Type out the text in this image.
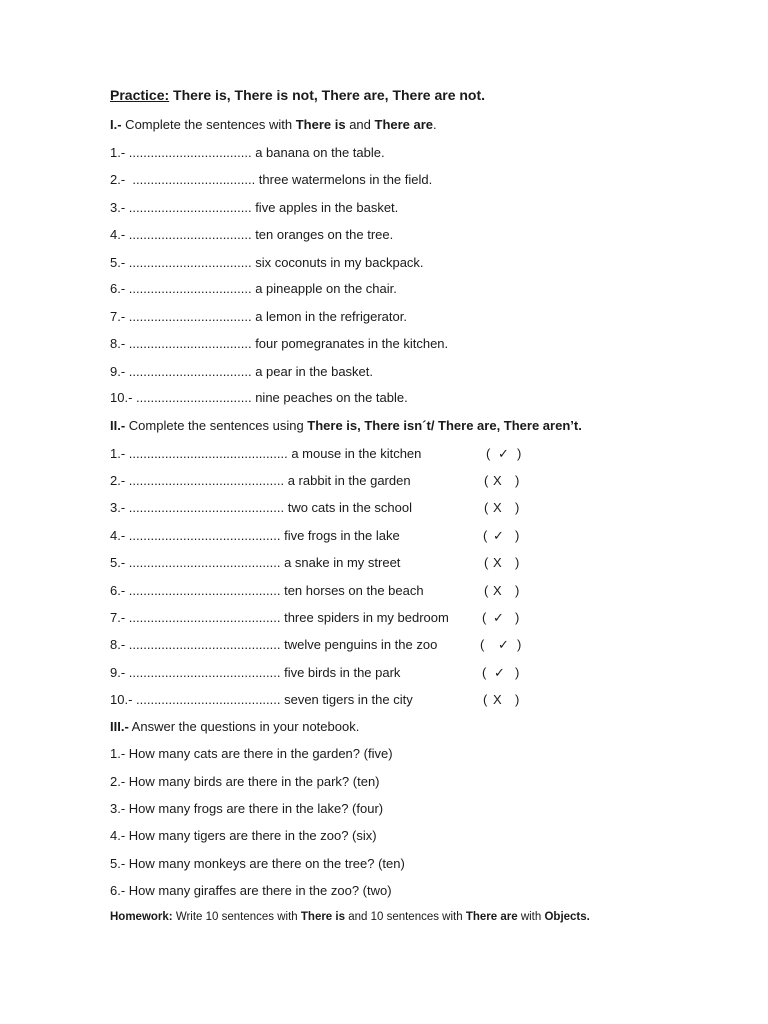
Practice: There is, There is not, There are, There are not.
I.- Complete the sentences with There is and There are.
1.- .................................. a banana on the table.
2.-  .................................. three watermelons in the field.
3.- .................................. five apples in the basket.
4.- .................................. ten oranges on the tree.
5.- .................................. six coconuts in my backpack.
6.- .................................. a pineapple on the chair.
7.- .................................. a lemon in the refrigerator.
8.- .................................. four pomegranates in the kitchen.
9.- .................................. a pear in the basket.
10.- ................................ nine peaches on the table.
II.- Complete the sentences using There is, There isn´t/ There are, There aren’t.
1.- ............................................ a mouse in the kitchen
2.- ........................................... a rabbit in the garden
3.- ........................................... two cats in the school
4.- .......................................... five frogs in the lake
5.- .......................................... a snake in my street
6.- .......................................... ten horses on the beach
7.- .......................................... three spiders in my bedroom
8.- .......................................... twelve penguins in the zoo
9.- .......................................... five birds in the park
10.- ........................................ seven tigers in the city
( ✓ )
( X )
( X )
( ✓ )
( X )
( X )
( ✓ )
( ✓ )
( ✓ )
( X )
III.- Answer the questions in your notebook.
1.- How many cats are there in the garden? (five)
2.- How many birds are there in the park? (ten)
3.- How many frogs are there in the lake? (four)
4.- How many tigers are there in the zoo? (six)
5.- How many monkeys are there on the tree? (ten)
6.- How many giraffes are there in the zoo? (two)
Homework: Write 10 sentences with There is and 10 sentences with There are with Objects.
